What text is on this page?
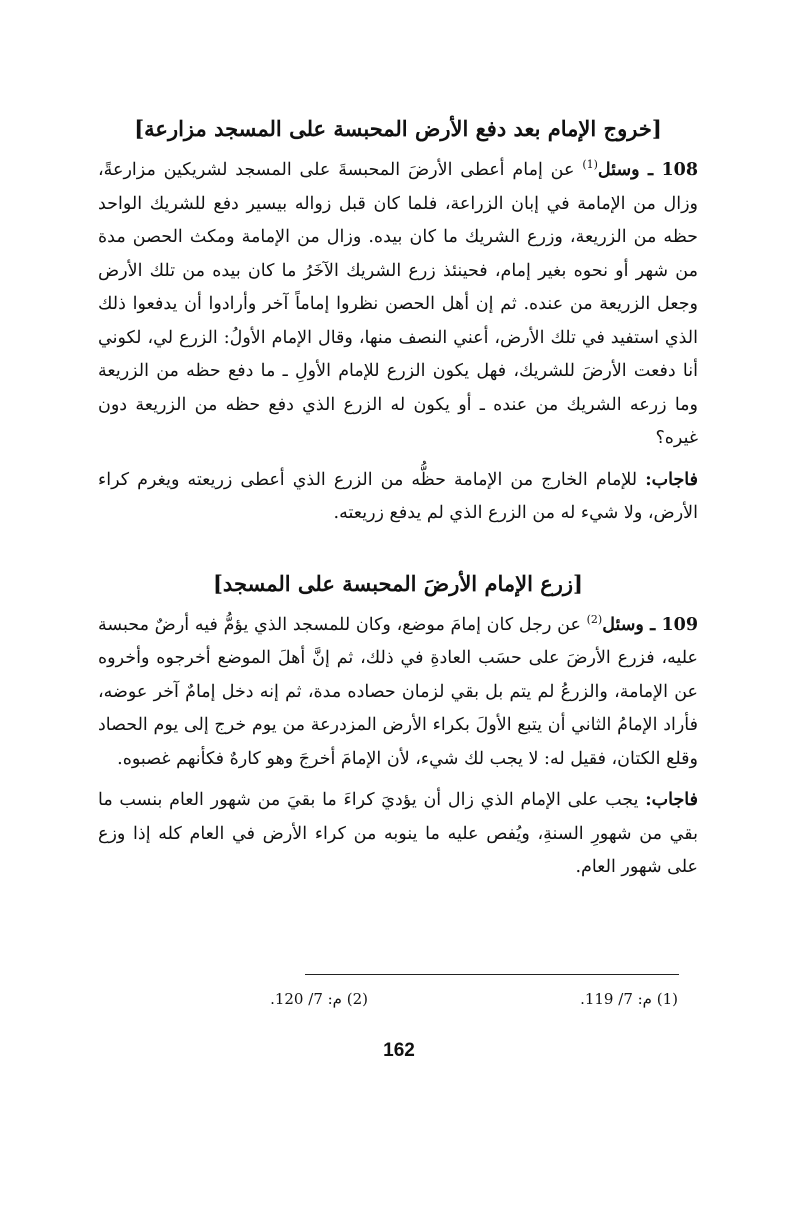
[خروج الإمام بعد دفع الأرض المحبسة على المسجد مزارعة]

108 ـ وسئل$^{(1)}$ عن إمام أعطى الأرضَ المحبسةَ على المسجد لشريكين مزارعةً، وزال من الإمامة في إبان الزراعة، فلما كان قبل زواله بيسير دفع للشريك الواحد حظه من الزريعة، وزرع الشريك ما كان بيده. وزال من الإمامة ومكث الحصن مدة من شهر أو نحوه بغير إمام، فحينئذ زرع الشريك الآخَرُ ما كان بيده من تلك الأرض وجعل الزريعة من عنده. ثم إن أهل الحصن نظروا إماماً آخر وأرادوا أن يدفعوا ذلك الذي استفيد في تلك الأرض، أعني النصف منها، وقال الإمام الأولُ: الزرع لي، لكوني أنا دفعت الأرضَ للشريك، فهل يكون الزرع للإمام الأولِ ـ ما دفع حظه من الزريعة وما زرعه الشريك من عنده ـ أو يكون له الزرع الذي دفع حظه من الزريعة دون غيره؟

فاجاب: للإمام الخارج من الإمامة حظُّه من الزرع الذي أعطى زريعته ويغرم كراء الأرض، ولا شيء له من الزرع الذي لم يدفع زريعته.

[زرع الإمام الأرضَ المحبسة على المسجد]

109 ـ وسئل$^{(2)}$ عن رجل كان إمامَ موضع، وكان للمسجد الذي يؤمُّ فيه أرضٌ محبسة عليه، فزرع الأرضَ على حسَب العادةِ في ذلك، ثم إنَّ أهلَ الموضع أخرجوه وأخروه عن الإمامة، والزرعُ لم يتم بل بقي لزمان حصاده مدة، ثم إنه دخل إمامٌ آخر عوضه، فأراد الإمامُ الثاني أن يتبع الأولَ بكراء الأرض المزدرعة من يوم خرج إلى يوم الحصاد وقلع الكتان، فقيل له: لا يجب لك شيء، لأن الإمامَ أخرجَ وهو كارهٌ فكأنهم غصبوه.

فاجاب: يجب على الإمام الذي زال أن يؤديَ كراءَ ما بقيَ من شهور العام بنسب ما بقي من شهورِ السنةِ، ويُفص عليه ما ينوبه من كراء الأرض في العام كله إذا وزع على شهور العام.

(1) م: 7/ 119.
(2) م: 7/ 120.
162
